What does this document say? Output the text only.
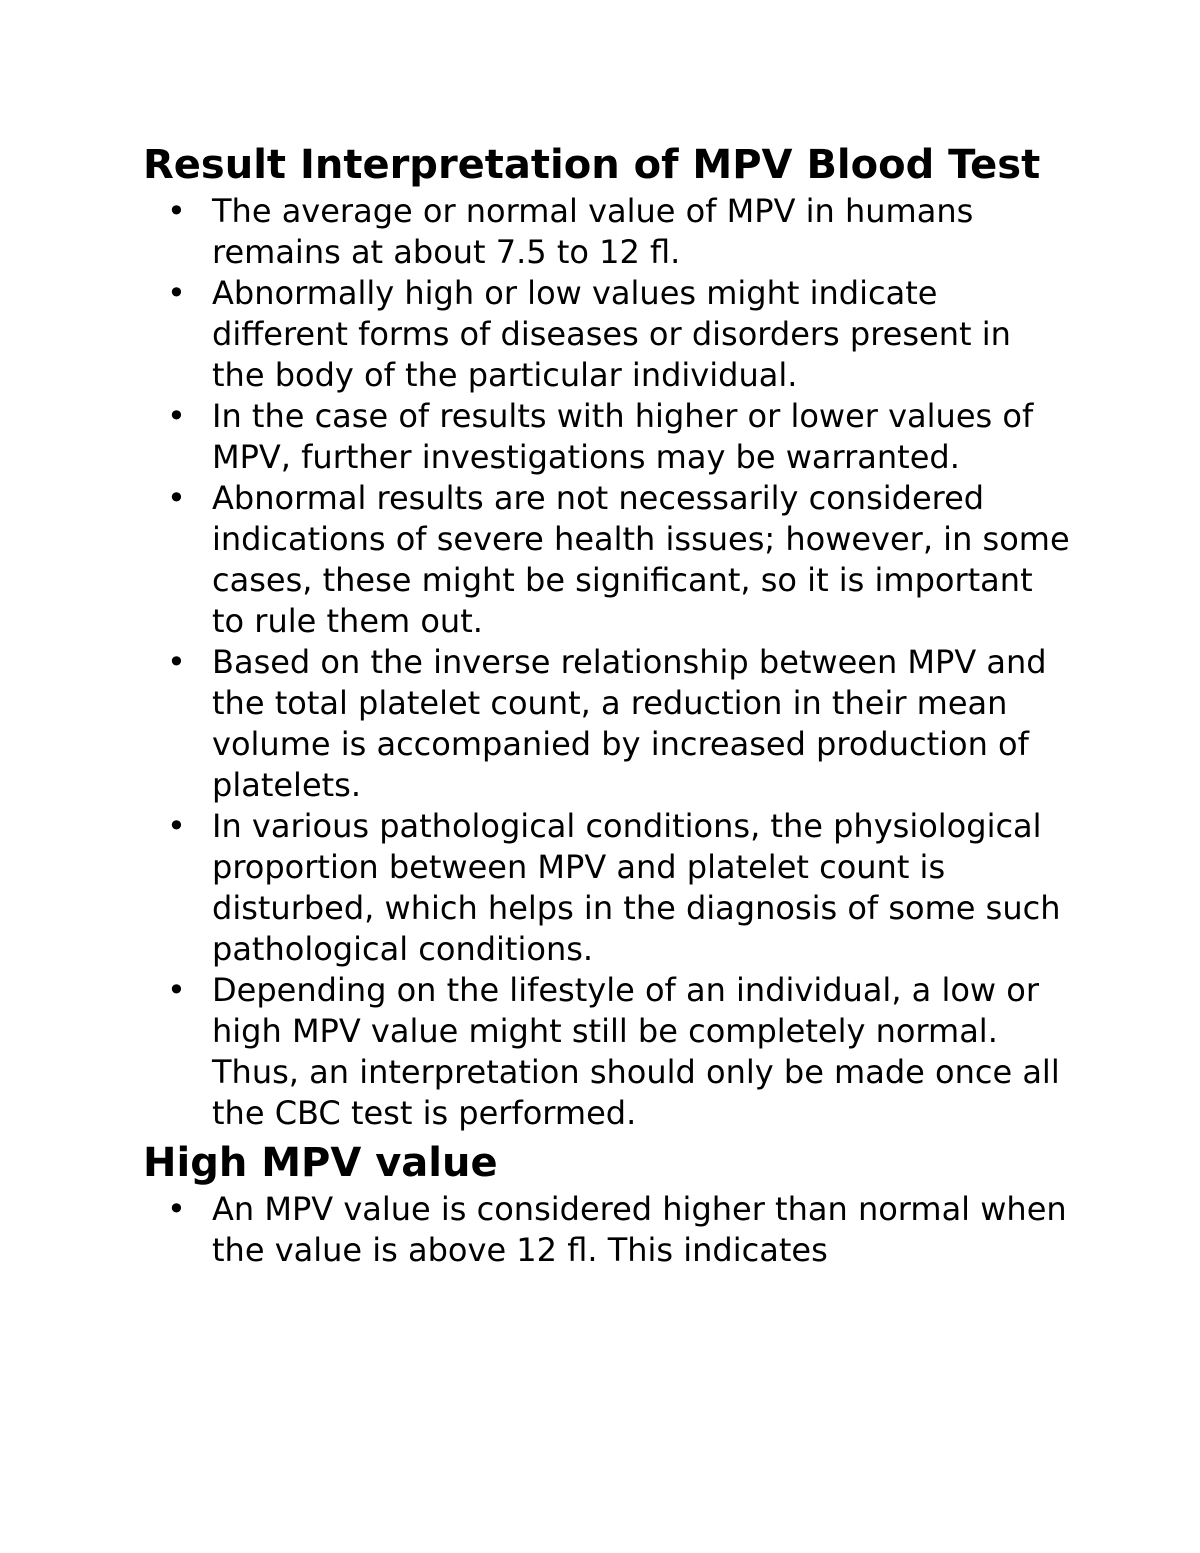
Result Interpretation of MPV Blood Test
• The average or normal value of MPV in humans remains at about 7.5 to 12 fl.
• Abnormally high or low values might indicate different forms of diseases or disorders present in the body of the particular individual.
• In the case of results with higher or lower values of MPV, further investigations may be warranted.
• Abnormal results are not necessarily considered indications of severe health issues; however, in some cases, these might be significant, so it is important to rule them out.
• Based on the inverse relationship between MPV and the total platelet count, a reduction in their mean volume is accompanied by increased production of platelets.
• In various pathological conditions, the physiological proportion between MPV and platelet count is disturbed, which helps in the diagnosis of some such pathological conditions.
• Depending on the lifestyle of an individual, a low or high MPV value might still be completely normal. Thus, an interpretation should only be made once all the CBC test is performed.
High MPV value
• An MPV value is considered higher than normal when the value is above 12 fl. This indicates
